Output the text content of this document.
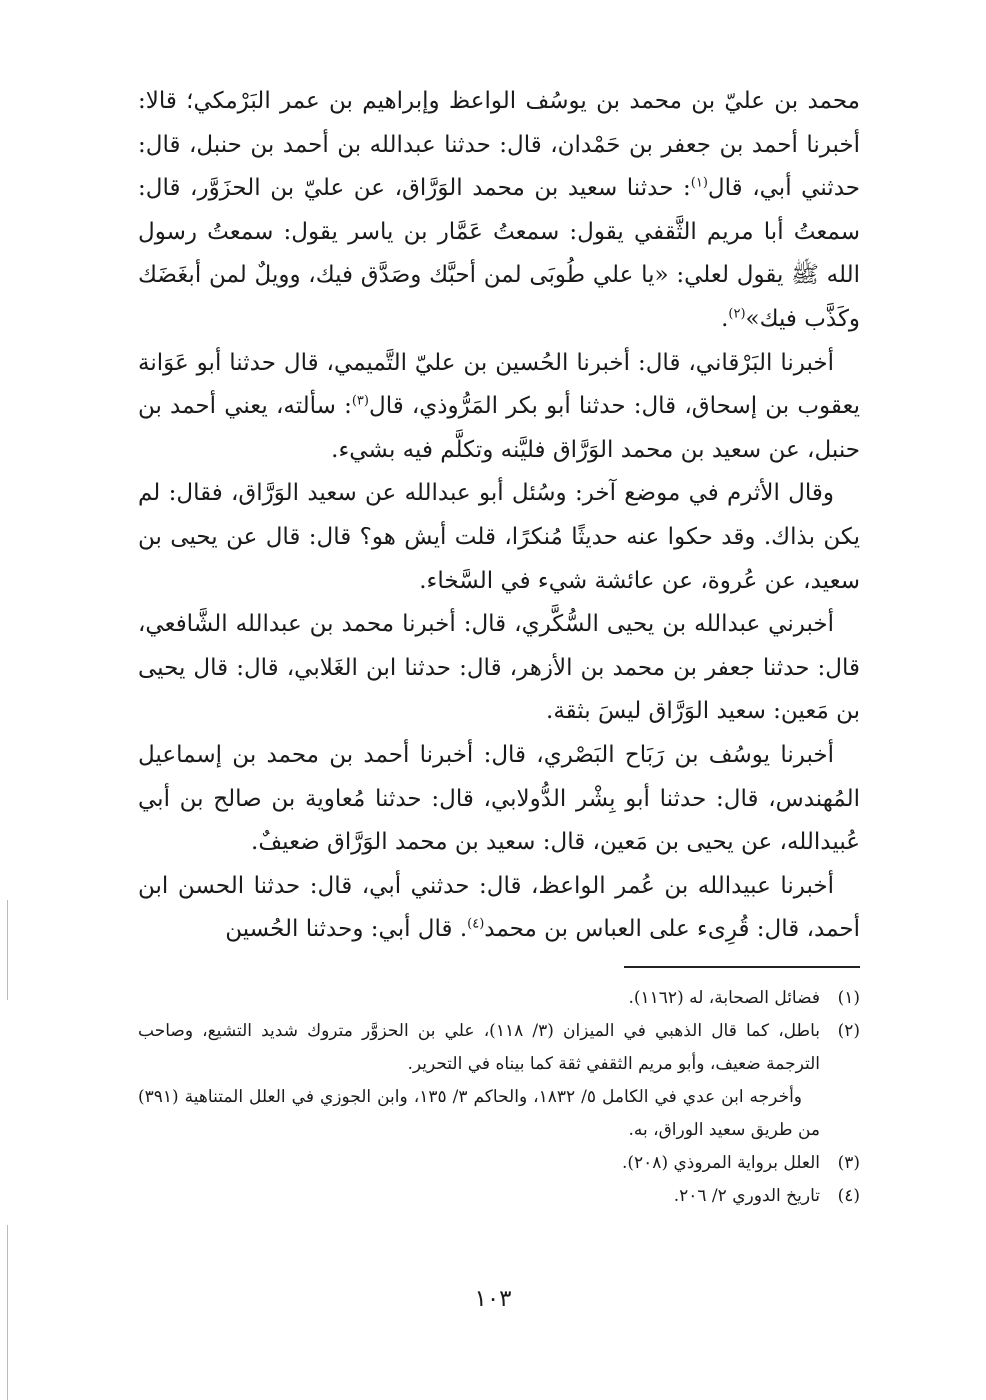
محمد بن عليّ بن محمد بن يوسُف الواعظ وإبراهيم بن عمر البَرْمكي؛ قالا: أخبرنا أحمد بن جعفر بن حَمْدان، قال: حدثنا عبدالله بن أحمد بن حنبل، قال: حدثني أبي، قال$^{(١)}$: حدثنا سعيد بن محمد الوَرَّاق، عن عليّ بن الحزَوَّر، قال: سمعتُ أبا مريم الثَّقفي يقول: سمعتُ عَمَّار بن ياسر يقول: سمعتُ رسول الله ﷺ يقول لعلي: «يا علي طُوبَى لمن أحبَّك وصَدَّق فيك، وويلٌ لمن أبغَضَك وكَذَّب فيك»$^{(٢)}$.

أخبرنا البَرْقاني، قال: أخبرنا الحُسين بن عليّ التَّميمي، قال حدثنا أبو عَوَانة يعقوب بن إسحاق، قال: حدثنا أبو بكر المَرُّوذي، قال$^{(٣)}$: سألته، يعني أحمد بن حنبل، عن سعيد بن محمد الوَرَّاق فليَّنه وتكلَّم فيه بشيء.

وقال الأثرم في موضع آخر: وسُئل أبو عبدالله عن سعيد الوَرَّاق، فقال: لم يكن بذاك. وقد حكوا عنه حديثًا مُنكرًا، قلت أيش هو؟ قال: قال عن يحيى بن سعيد، عن عُروة، عن عائشة شيء في السَّخاء.

أخبرني عبدالله بن يحيى السُّكَّري، قال: أخبرنا محمد بن عبدالله الشَّافعي، قال: حدثنا جعفر بن محمد بن الأزهر، قال: حدثنا ابن الغَلابي، قال: قال يحيى بن مَعين: سعيد الوَرَّاق ليسَ بثقة.

أخبرنا يوسُف بن رَبَاح البَصْري، قال: أخبرنا أحمد بن محمد بن إسماعيل المُهندس، قال: حدثنا أبو بِشْر الدُّولابي، قال: حدثنا مُعاوية بن صالح بن أبي عُبيدالله، عن يحيى بن مَعين، قال: سعيد بن محمد الوَرَّاق ضعيفٌ.

أخبرنا عبيدالله بن عُمر الواعظ، قال: حدثني أبي، قال: حدثنا الحسن ابن أحمد، قال: قُرِىء على العباس بن محمد$^{(٤)}$. قال أبي: وحدثنا الحُسين

(١)
فضائل الصحابة، له (١١٦٢).
(٢)
باطل، كما قال الذهبي في الميزان (٣/ ١١٨)، علي بن الحزوَّر متروك شديد التشيع، وصاحب الترجمة ضعيف، وأبو مريم الثقفي ثقة كما بيناه في التحرير.
وأخرجه ابن عدي في الكامل ٥/ ١٨٣٢، والحاكم ٣/ ١٣٥، وابن الجوزي في العلل المتناهية (٣٩١) من طريق سعيد الوراق، به.
(٣)
العلل برواية المروذي (٢٠٨).
(٤)
تاريخ الدوري ٢/ ٢٠٦.
١٠٣
